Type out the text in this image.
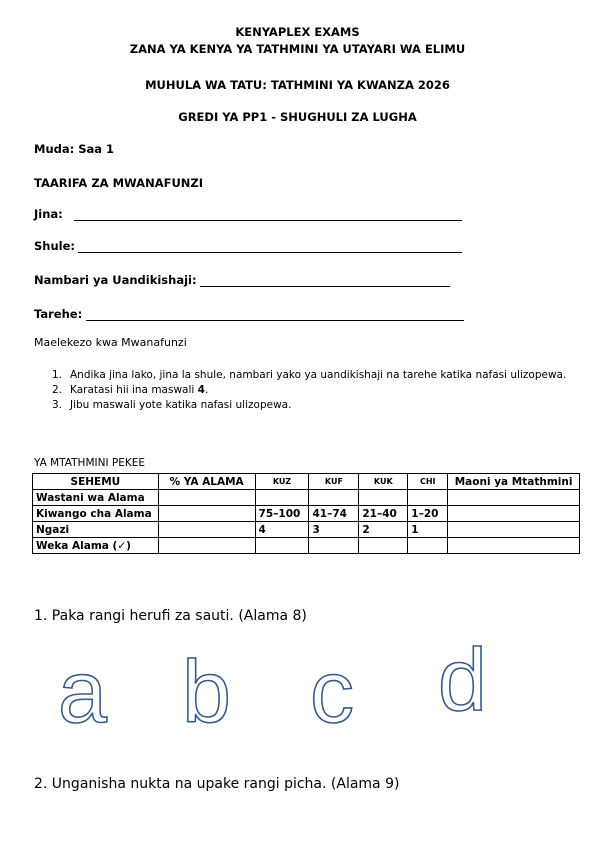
KENYAPLEX EXAMS
ZANA YA KENYA YA TATHMINI YA UTAYARI WA ELIMU
MUHULA WA TATU: TATHMINI YA KWANZA 2026
GREDI YA PP1 - SHUGHULI ZA LUGHA
Muda: Saa 1
TAARIFA ZA MWANAFUNZI
Jina:
Shule:
Nambari ya Uandikishaji:
Tarehe:
Maelekezo kwa Mwanafunzi
1. Andika jina lako, jina la shule, nambari yako ya uandikishaji na tarehe katika nafasi ulizopewa.
2. Karatasi hii ina maswali 4.
3. Jibu maswali yote katika nafasi ulizopewa.
YA MTATHMINI PEKEE
SEHEMU	% YA ALAMA	KUZ	KUF	KUK	CHI	Maoni ya Mtathmini
Wastani wa Alama						
Kiwango cha Alama		75–100	41–74	21–40	1–20	
Ngazi		4	3	2	1	
Weka Alama (✓)						
1. Paka rangi herufi za sauti. (Alama 8)
a b c d
2. Unganisha nukta na upake rangi picha. (Alama 9)
